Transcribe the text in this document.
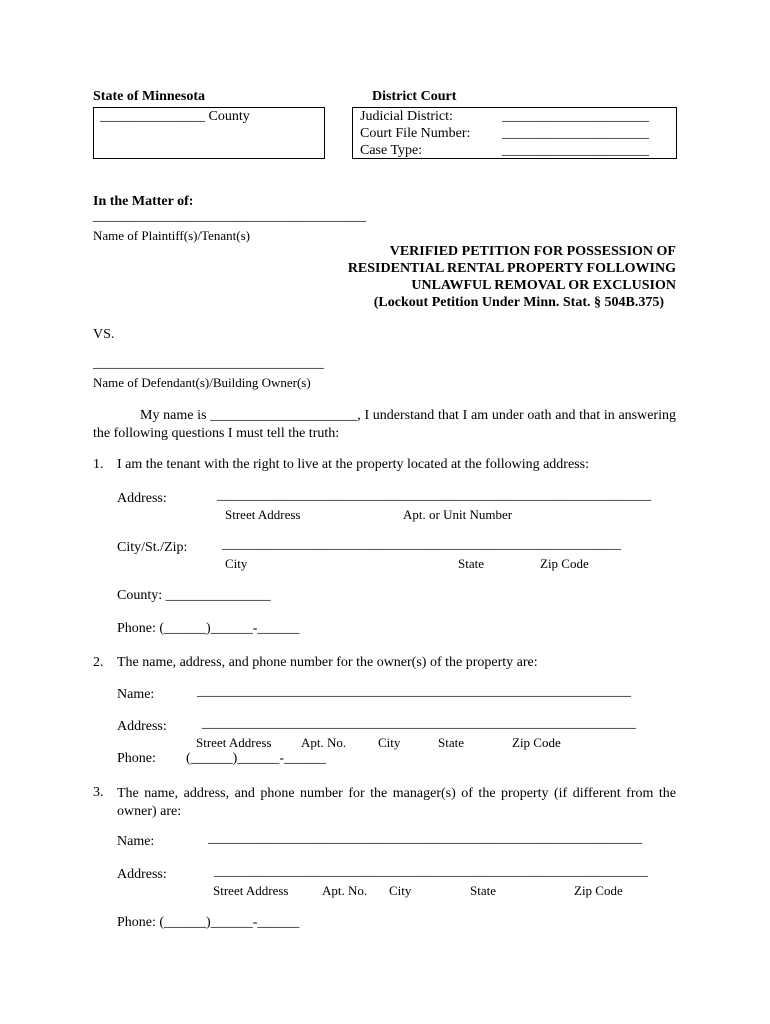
State of Minnesota	District Court
_______________ County	Judicial District:	_____________________
Court File Number: _____________________
Case Type:	_____________________
In the Matter of:
_______________________________________
Name of Plaintiff(s)/Tenant(s)
VERIFIED PETITION FOR POSSESSION OF
RESIDENTIAL RENTAL PROPERTY FOLLOWING
UNLAWFUL REMOVAL OR EXCLUSION
(Lockout Petition Under Minn. Stat. § 504B.375)
VS.
_________________________________
Name of Defendant(s)/Building Owner(s)
My name is _____________________, I understand that I am under oath and that in answering the following questions I must tell the truth:
1. I am the tenant with the right to live at the property located at the following address:
Address:	______________________________________________________________
Street Address	Apt. or Unit Number
City/St./Zip: _________________________________________________________
City	State	Zip Code
County: _______________
Phone: (______)______-______
2. The name, address, and phone number for the owner(s) of the property are:
Name:	______________________________________________________________
Address:	______________________________________________________________
Street Address Apt. No. City	State	Zip Code
Phone: (______)______-______
3. The name, address, and phone number for the manager(s) of the property (if different from the owner) are:
Name:	______________________________________________________________
Address:	______________________________________________________________
Street Address	Apt. No. City	State	Zip Code
Phone: (______)______-______
